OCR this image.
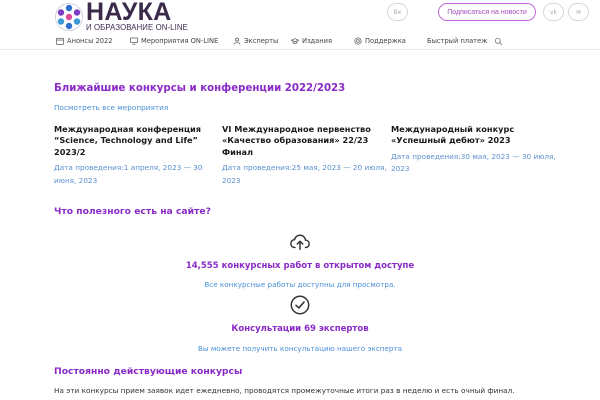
НАУКА
И ОБРАЗОВАНИЕ ON-LINE
Вх	Подписаться на новости	vk	✉
Анонсы 2022	Мероприятия ON-LINE	Эксперты	Издания	Поддержка	Быстрый платеж
Ближайшие конкурсы и конференции 2022/2023
Посмотреть все мероприятия
Международная конференция
“Science, Technology and Life”
2023/2
Дата проведения:1 апреля, 2023 — 30
июня, 2023
VI Международное первенство
«Качество образования» 22/23
Финал
Дата проведения:25 мая, 2023 — 20 июля,
2023
Международный конкурс
«Успешный дебют» 2023
Дата проведения:30 мая, 2023 — 30 июля,
2023
Что полезного есть на сайте?
14,555 конкурсных работ в открытом доступе
Все конкурсные работы доступны для просмотра.
Консультации 69 экспертов
Вы можете получить консультацию нашего эксперта
Постоянно действующие конкурсы
На эти конкурсы прием заявок идет ежедневно, проводятся промежуточные итоги раз в неделю и есть очный финал.
